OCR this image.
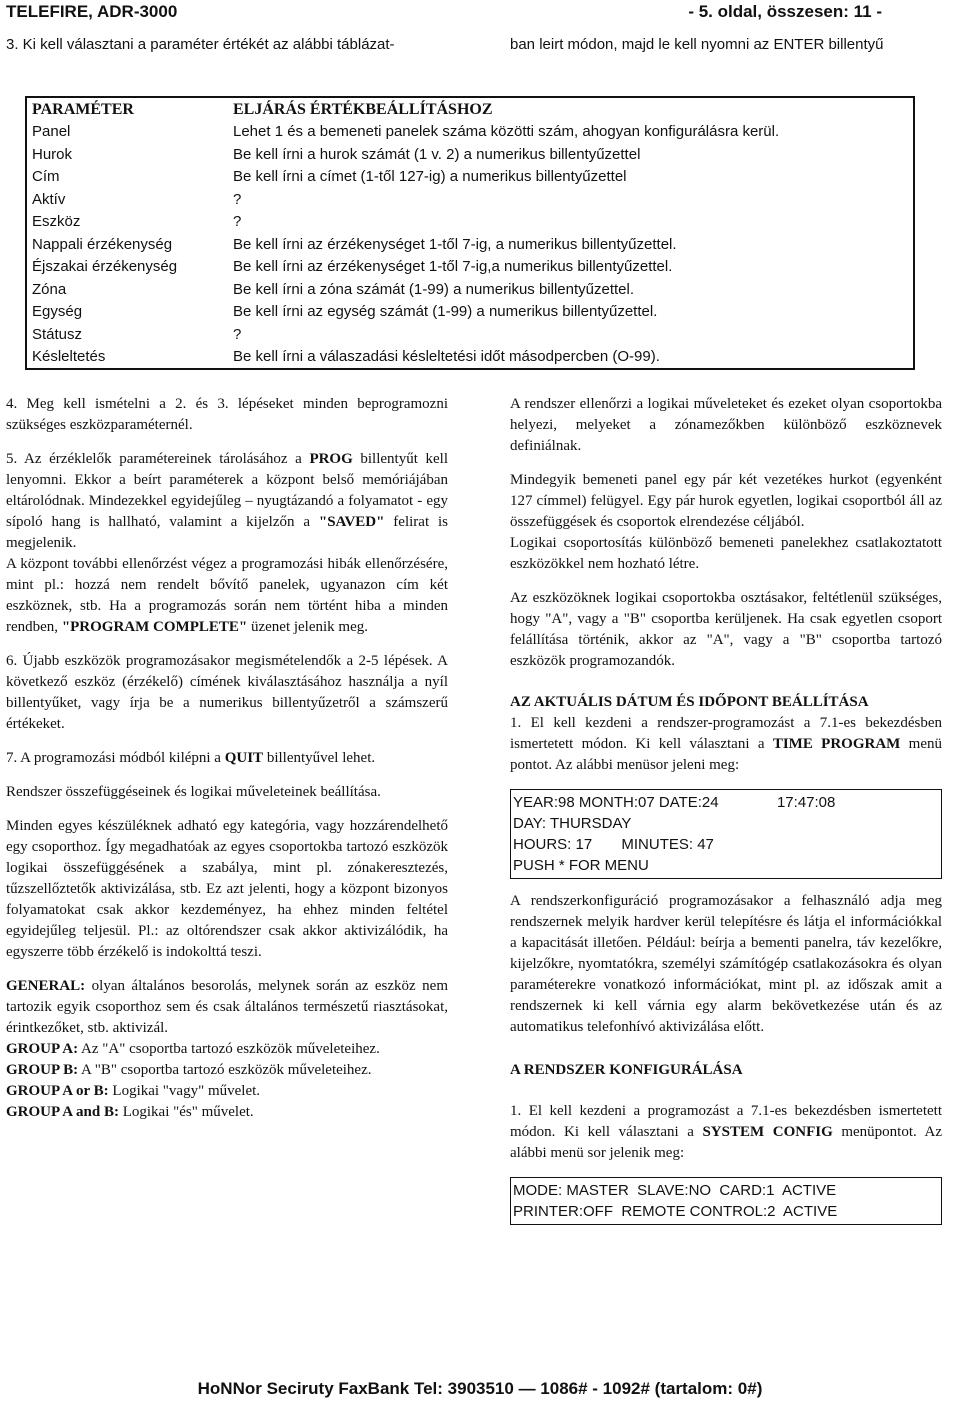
TELEFIRE, ADR-3000	- 5. oldal, összesen: 11 -
3. Ki kell választani a paraméter értékét az alábbi táblázat-	ban leirt módon, majd le kell nyomni az ENTER billentyű
PARAMÉTER	ELJÁRÁS ÉRTÉKBEÁLLÍTÁSHOZ
Panel	Lehet 1 és a bemeneti panelek száma közötti szám, ahogyan konfigurálásra kerül.
Hurok	Be kell írni a hurok számát (1 v. 2) a numerikus billentyűzettel
Cím	Be kell írni a címet (1-től 127-ig) a numerikus billentyűzettel
Aktív	?
Eszköz	?
Nappali érzékenység	Be kell írni az érzékenységet 1-től 7-ig, a numerikus billentyűzettel.
Éjszakai érzékenység	Be kell írni az érzékenységet 1-től 7-ig,a numerikus billentyűzettel.
Zóna	Be kell írni a zóna számát (1-99) a numerikus billentyűzettel.
Egység	Be kell írni az egység számát (1-99) a numerikus billentyűzettel.
Státusz	?
Késleltetés	Be kell írni a válaszadási késleltetési időt másodpercben (O-99).

4. Meg kell ismételni a 2. és 3. lépéseket minden beprogramozni szükséges eszközparaméternél.

5. Az érzéklelők paramétereinek tárolásához a PROG billentyűt kell lenyomni. Ekkor a beírt paraméterek a központ belső memóriájában eltárolódnak. Mindezekkel egyidejűleg – nyugtázandó a folyamatot - egy sípoló hang is hallható, valamint a kijelzőn a "SAVED" felirat is megjelenik.
A központ további ellenőrzést végez a programozási hibák ellenőrzésére, mint pl.: hozzá nem rendelt bővítő panelek, ugyanazon cím két eszköznek, stb. Ha a programozás során nem történt hiba a minden rendben, "PROGRAM COMPLETE" üzenet jelenik meg.

6. Újabb eszközök programozásakor megismételendők a 2-5 lépések. A következő eszköz (érzékelő) címének kiválasztásához használja a nyíl billentyűket, vagy írja be a numerikus billentyűzetről a számszerű értékeket.

7. A programozási módból kilépni a QUIT billentyűvel lehet.

Rendszer összefüggéseinek és logikai műveleteinek beállítása.

Minden egyes készüléknek adható egy kategória, vagy hozzárendelhető egy csoporthoz. Így megadhatóak az egyes csoportokba tartozó eszközök logikai összefüggésének a szabálya, mint pl. zónakeresztezés, tűzszellőztetők aktivizálása, stb. Ez azt jelenti, hogy a központ bizonyos folyamatokat csak akkor kezdeményez, ha ehhez minden feltétel egyidejűleg teljesül. Pl.: az oltórendszer csak akkor aktivizálódik, ha egyszerre több érzékelő is indokolttá teszi.

GENERAL: olyan általános besorolás, melynek során az eszköz nem tartozik egyik csoporthoz sem és csak általános természetű riasztásokat, érintkezőket, stb. aktivizál.

GROUP A: Az "A" csoportba tartozó eszközök műveleteihez.

GROUP B: A "B" csoportba tartozó eszközök műveleteihez.

GROUP A or B: Logikai "vagy" művelet.

GROUP A and B: Logikai "és" művelet.

A rendszer ellenőrzi a logikai műveleteket és ezeket olyan csoportokba helyezi, melyeket a zónamezőkben különböző eszköznevek definiálnak.

Mindegyik bemeneti panel egy pár két vezetékes hurkot (egyenként 127 címmel) felügyel. Egy pár hurok egyetlen, logikai csoportból áll az összefüggések és csoportok elrendezése céljából.

Logikai csoportosítás különböző bemeneti panelekhez csatlakoztatott eszközökkel nem hozható létre.

Az eszközöknek logikai csoportokba osztásakor, feltétlenül szükséges, hogy "A", vagy a "B" csoportba kerüljenek. Ha csak egyetlen csoport felállítása történik, akkor az "A", vagy a "B" csoportba tartozó eszközök programozandók.

AZ AKTUÁLIS DÁTUM ÉS IDŐPONT BEÁLLÍTÁSA

1. El kell kezdeni a rendszer-programozást a 7.1-es bekezdésben ismertetett módon. Ki kell választani a TIME PROGRAM menü pontot. Az alábbi menüsor jeleni meg:

YEAR:98 MONTH:07 DATE:24              17:47:08
DAY: THURSDAY
HOURS: 17       MINUTES: 47
PUSH * FOR MENU

A rendszerkonfiguráció programozásakor a felhasználó adja meg rendszernek melyik hardver kerül telepítésre és látja el információkkal a kapacitását illetően. Például: beírja a bementi panelra, táv kezelőkre, kijelzőkre, nyomtatókra, személyi számítógép csatlakozásokra és olyan paraméterekre vonatkozó információkat, mint pl. az időszak amit a rendszernek ki kell várnia egy alarm bekövetkezése után és az automatikus telefonhívó aktivizálása előtt.

A RENDSZER KONFIGURÁLÁSA

1. El kell kezdeni a programozást a 7.1-es bekezdésben ismertetett módon. Ki kell választani a SYSTEM CONFIG menüpontot. Az alábbi menü sor jelenik meg:

MODE: MASTER  SLAVE:NO  CARD:1  ACTIVE
PRINTER:OFF  REMOTE CONTROL:2  ACTIVE
HoNNor Seciruty FaxBank Tel: 3903510 — 1086# - 1092# (tartalom: 0#)
